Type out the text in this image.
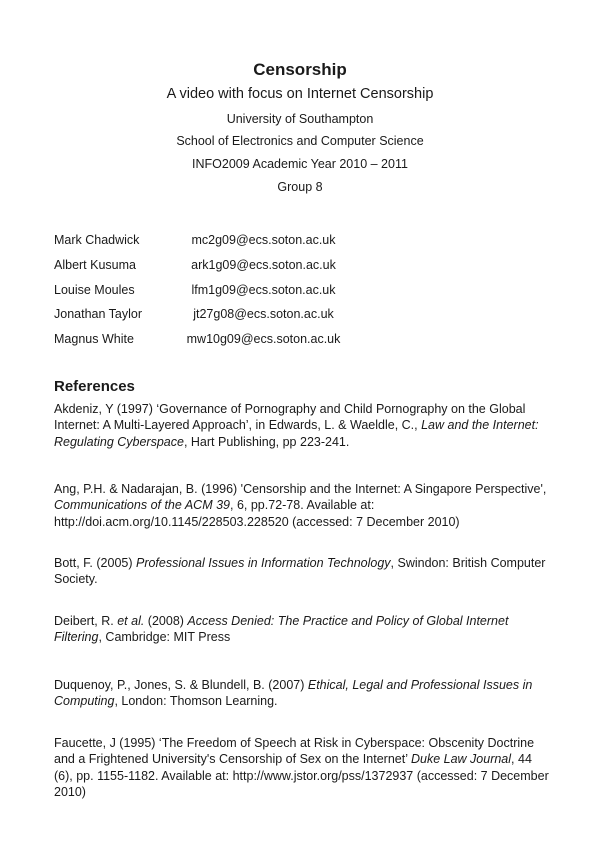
Censorship
A video with focus on Internet Censorship
University of Southampton
School of Electronics and Computer Science
INFO2009 Academic Year 2010 – 2011
Group 8
Mark Chadwick	mc2g09@ecs.soton.ac.uk
Albert Kusuma	ark1g09@ecs.soton.ac.uk
Louise Moules	lfm1g09@ecs.soton.ac.uk
Jonathan Taylor	jt27g08@ecs.soton.ac.uk
Magnus White	mw10g09@ecs.soton.ac.uk
References

Akdeniz, Y (1997) ‘Governance of Pornography and Child Pornography on the Global Internet: A Multi-Layered Approach’, in Edwards, L. & Waeldle, C., Law and the Internet: Regulating Cyberspace, Hart Publishing, pp 223-241.

Ang, P.H. & Nadarajan, B. (1996) 'Censorship and the Internet: A Singapore Perspective', Communications of the ACM 39, 6, pp.72-78. Available at: http://doi.acm.org/10.1145/228503.228520 (accessed: 7 December 2010)

Bott, F. (2005) Professional Issues in Information Technology, Swindon: British Computer Society.

Deibert, R. et al. (2008) Access Denied: The Practice and Policy of Global Internet Filtering, Cambridge: MIT Press

Duquenoy, P., Jones, S. & Blundell, B. (2007) Ethical, Legal and Professional Issues in Computing, London: Thomson Learning.

Faucette, J (1995) ‘The Freedom of Speech at Risk in Cyberspace: Obscenity Doctrine and a Frightened University's Censorship of Sex on the Internet’ Duke Law Journal, 44 (6), pp. 1155-1182. Available at: http://www.jstor.org/pss/1372937 (accessed: 7 December 2010)
